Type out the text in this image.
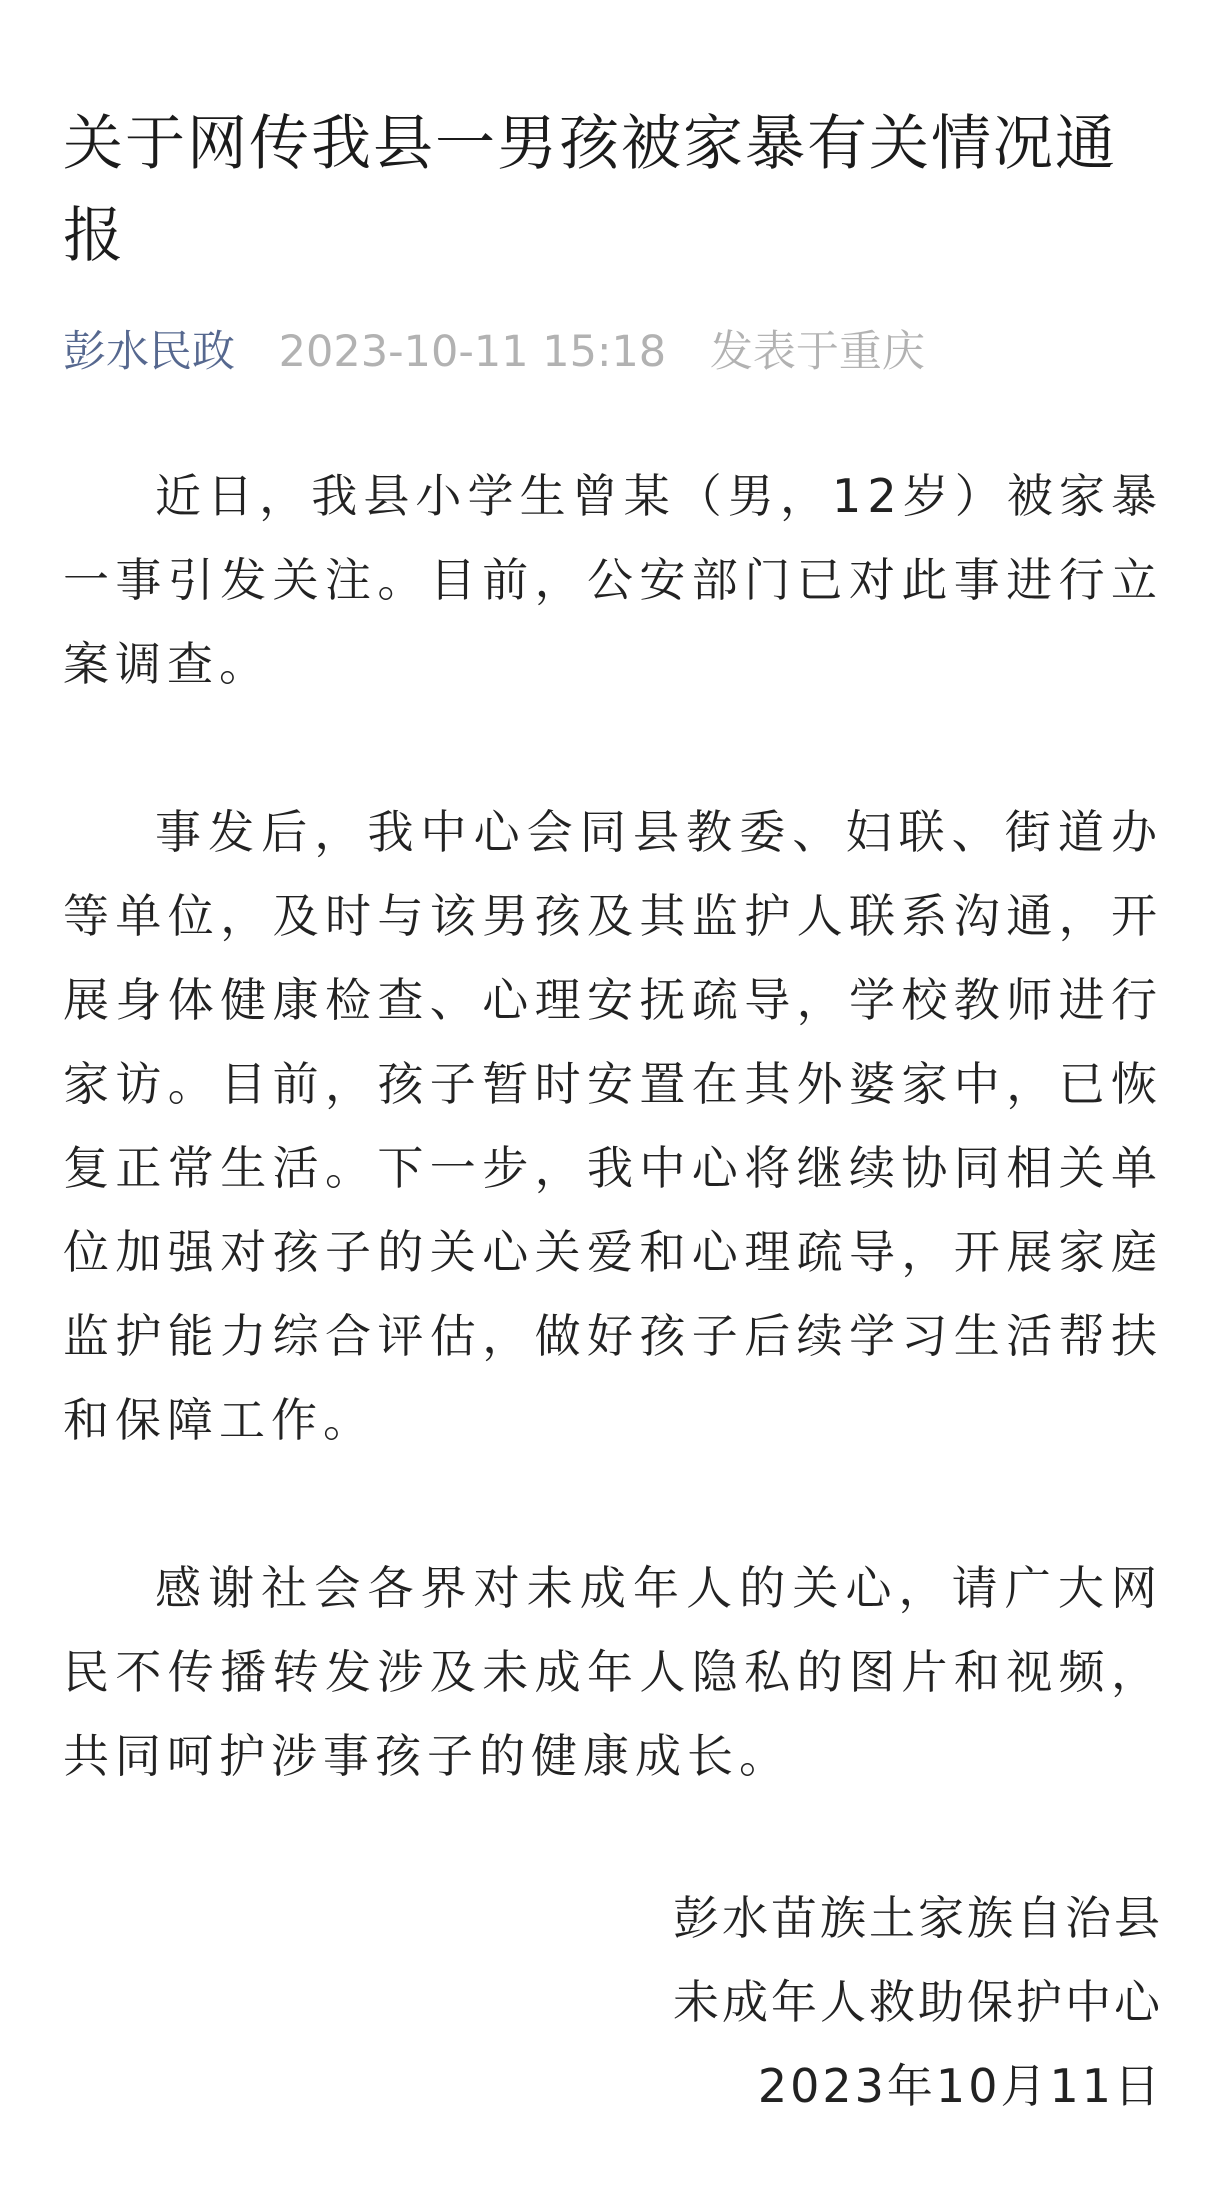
关于网传我县一男孩被家暴有关情况通报
彭水民政 2023-10-11 15:18 发表于重庆

近日，我县小学生曾某（男，12岁）被家暴一事引发关注。目前，公安部门已对此事进行立案调查。

事发后，我中心会同县教委、妇联、街道办等单位，及时与该男孩及其监护人联系沟通，开展身体健康检查、心理安抚疏导，学校教师进行家访。目前，孩子暂时安置在其外婆家中，已恢复正常生活。下一步，我中心将继续协同相关单位加强对孩子的关心关爱和心理疏导，开展家庭监护能力综合评估，做好孩子后续学习生活帮扶和保障工作。

感谢社会各界对未成年人的关心，请广大网民不传播转发涉及未成年人隐私的图片和视频，共同呵护涉事孩子的健康成长。

彭水苗族土家族自治县
未成年人救助保护中心
2023年10月11日
